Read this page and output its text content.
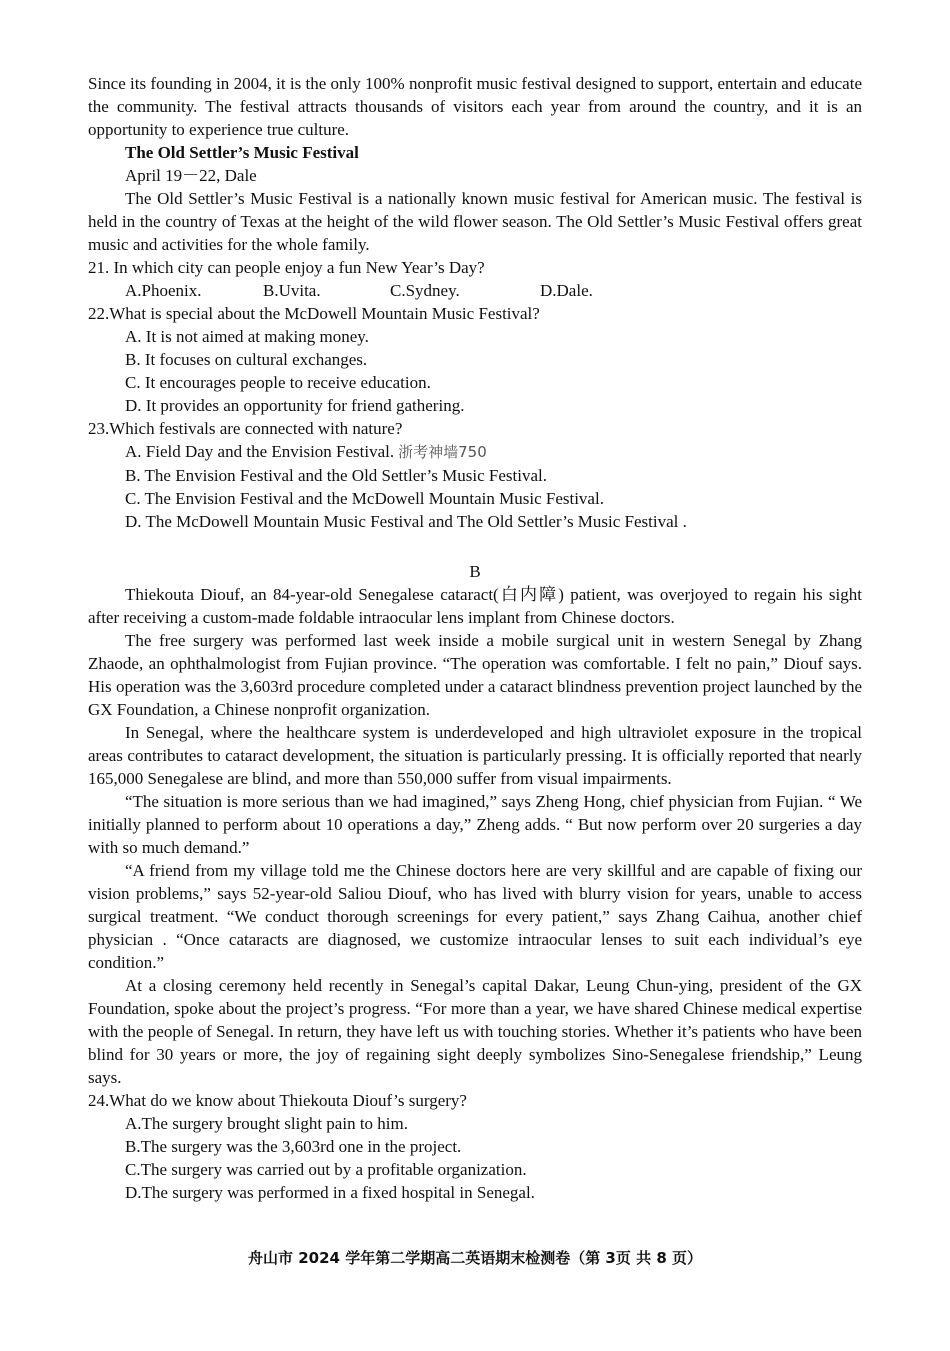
Since its founding in 2004, it is the only 100% nonprofit music festival designed to support, entertain and educate the community. The festival attracts thousands of visitors each year from around the country, and it is an opportunity to experience true culture.

The Old Settler’s Music Festival

April 19－22, Dale

The Old Settler’s Music Festival is a nationally known music festival for American music. The festival is held in the country of Texas at the height of the wild flower season. The Old Settler’s Music Festival offers great music and activities for the whole family.

21. In which city can people enjoy a fun New Year’s Day?

A.Phoenix.	B.Uvita.	C.Sydney.	D.Dale.

22.What is special about the McDowell Mountain Music Festival?

A. It is not aimed at making money.

B. It focuses on cultural exchanges.

C. It encourages people to receive education.

D. It provides an opportunity for friend gathering.

23.Which festivals are connected with nature?

A. Field Day and the Envision Festival. 浙考神墙750

B. The Envision Festival and the Old Settler’s Music Festival.

C. The Envision Festival and the McDowell Mountain Music Festival.

D. The McDowell Mountain Music Festival and The Old Settler’s Music Festival .

B

Thiekouta Diouf, an 84-year-old Senegalese cataract(白内障) patient, was overjoyed to regain his sight after receiving a custom-made foldable intraocular lens implant from Chinese doctors.

The free surgery was performed last week inside a mobile surgical unit in western Senegal by Zhang Zhaode, an ophthalmologist from Fujian province. “The operation was comfortable. I felt no pain,” Diouf says. His operation was the 3,603rd procedure completed under a cataract blindness prevention project launched by the GX Foundation, a Chinese nonprofit organization.

In Senegal, where the healthcare system is underdeveloped and high ultraviolet exposure in the tropical areas contributes to cataract development, the situation is particularly pressing. It is officially reported that nearly 165,000 Senegalese are blind, and more than 550,000 suffer from visual impairments.

“The situation is more serious than we had imagined,” says Zheng Hong, chief physician from Fujian. “ We initially planned to perform about 10 operations a day,” Zheng adds. “ But now perform over 20 surgeries a day with so much demand.”

“A friend from my village told me the Chinese doctors here are very skillful and are capable of fixing our vision problems,” says 52-year-old Saliou Diouf, who has lived with blurry vision for years, unable to access surgical treatment. “We conduct thorough screenings for every patient,” says Zhang Caihua, another chief physician . “Once cataracts are diagnosed, we customize intraocular lenses to suit each individual’s eye condition.”

At a closing ceremony held recently in Senegal’s capital Dakar, Leung Chun-ying, president of the GX Foundation, spoke about the project’s progress. “For more than a year, we have shared Chinese medical expertise with the people of Senegal. In return, they have left us with touching stories. Whether it’s patients who have been blind for 30 years or more, the joy of regaining sight deeply symbolizes Sino-Senegalese friendship,” Leung says.

24.What do we know about Thiekouta Diouf’s surgery?

A.The surgery brought slight pain to him.

B.The surgery was the 3,603rd one in the project.

C.The surgery was carried out by a profitable organization.

D.The surgery was performed in a fixed hospital in Senegal.

舟山市 2024 学年第二学期高二英语期末检测卷（第 3页 共 8 页）
